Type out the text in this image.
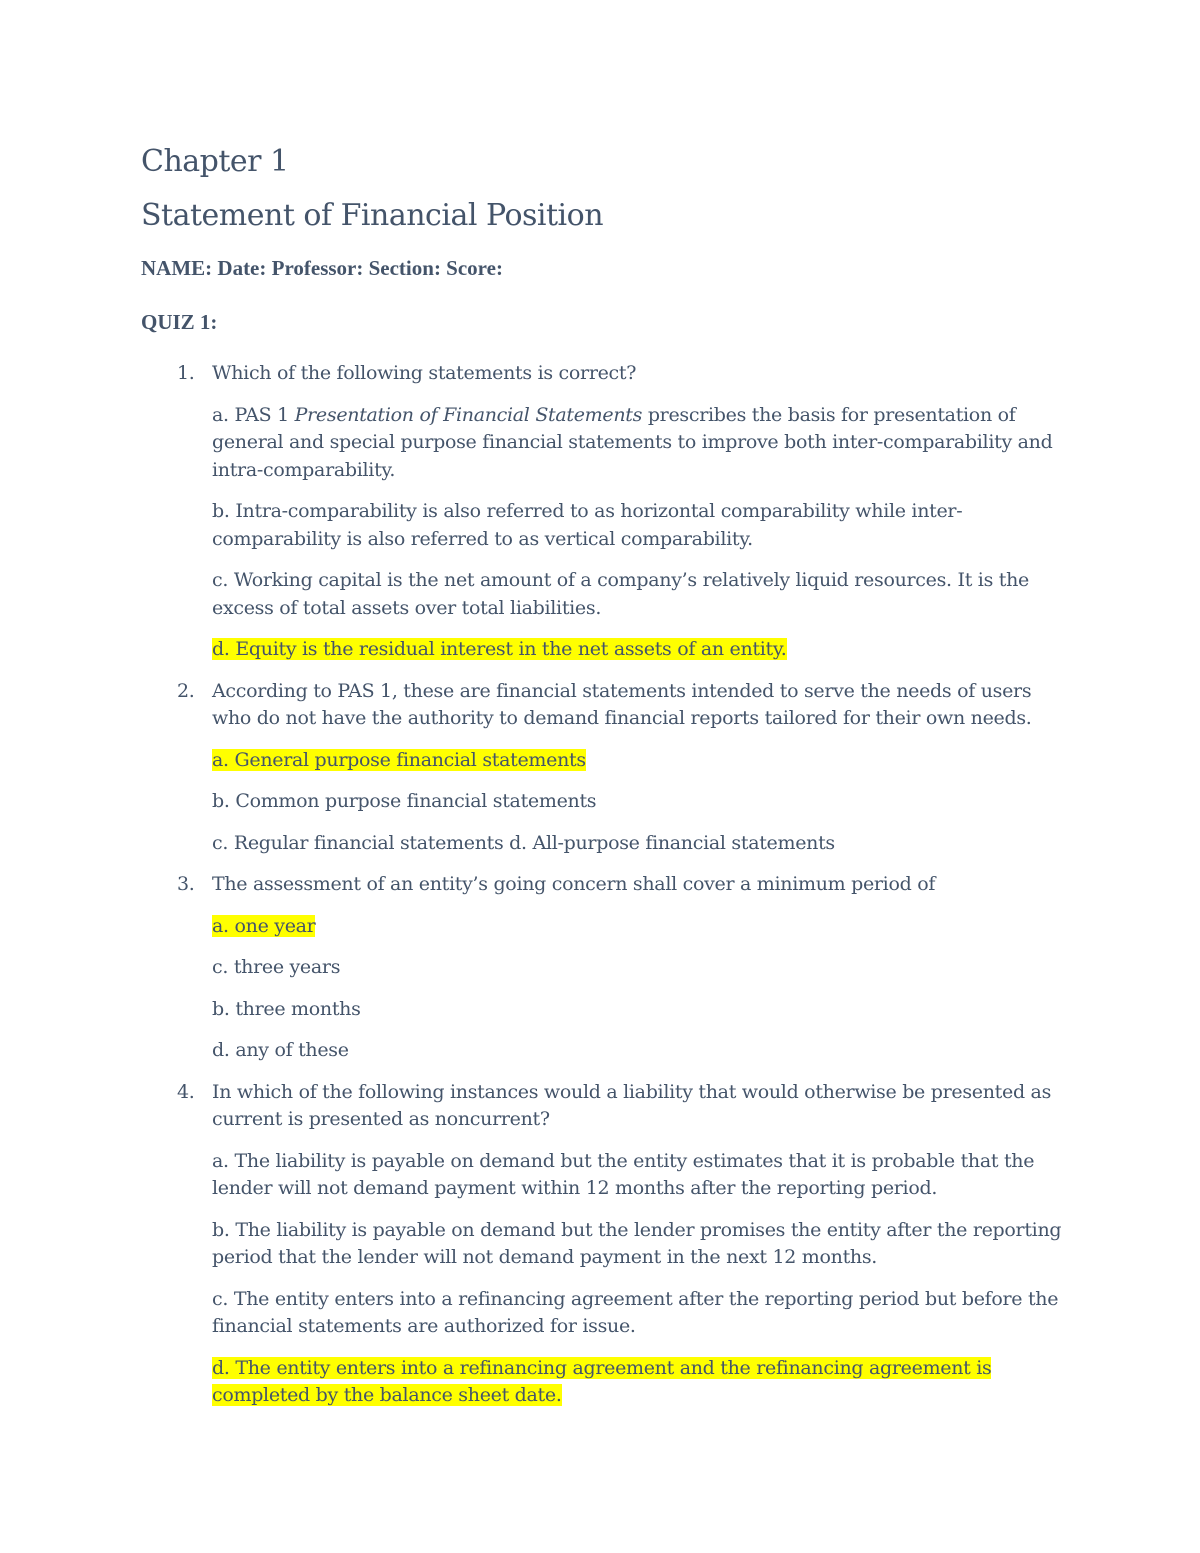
Chapter 1
Statement of Financial Position

NAME: Date: Professor: Section: Score:

QUIZ 1:

1. Which of the following statements is correct?

a. PAS 1 Presentation of Financial Statements prescribes the basis for presentation of general and special purpose financial statements to improve both inter-comparability and intra-comparability.

b. Intra-comparability is also referred to as horizontal comparability while inter-comparability is also referred to as vertical comparability.

c. Working capital is the net amount of a company’s relatively liquid resources. It is the excess of total assets over total liabilities.

d. Equity is the residual interest in the net assets of an entity.

2. According to PAS 1, these are financial statements intended to serve the needs of users who do not have the authority to demand financial reports tailored for their own needs.

a. General purpose financial statements

b. Common purpose financial statements

c. Regular financial statements d. All-purpose financial statements

3. The assessment of an entity’s going concern shall cover a minimum period of

a. one year

c. three years

b. three months

d. any of these

4. In which of the following instances would a liability that would otherwise be presented as current is presented as noncurrent?

a. The liability is payable on demand but the entity estimates that it is probable that the lender will not demand payment within 12 months after the reporting period.

b. The liability is payable on demand but the lender promises the entity after the reporting period that the lender will not demand payment in the next 12 months.

c. The entity enters into a refinancing agreement after the reporting period but before the financial statements are authorized for issue.

d. The entity enters into a refinancing agreement and the refinancing agreement is completed by the balance sheet date.
